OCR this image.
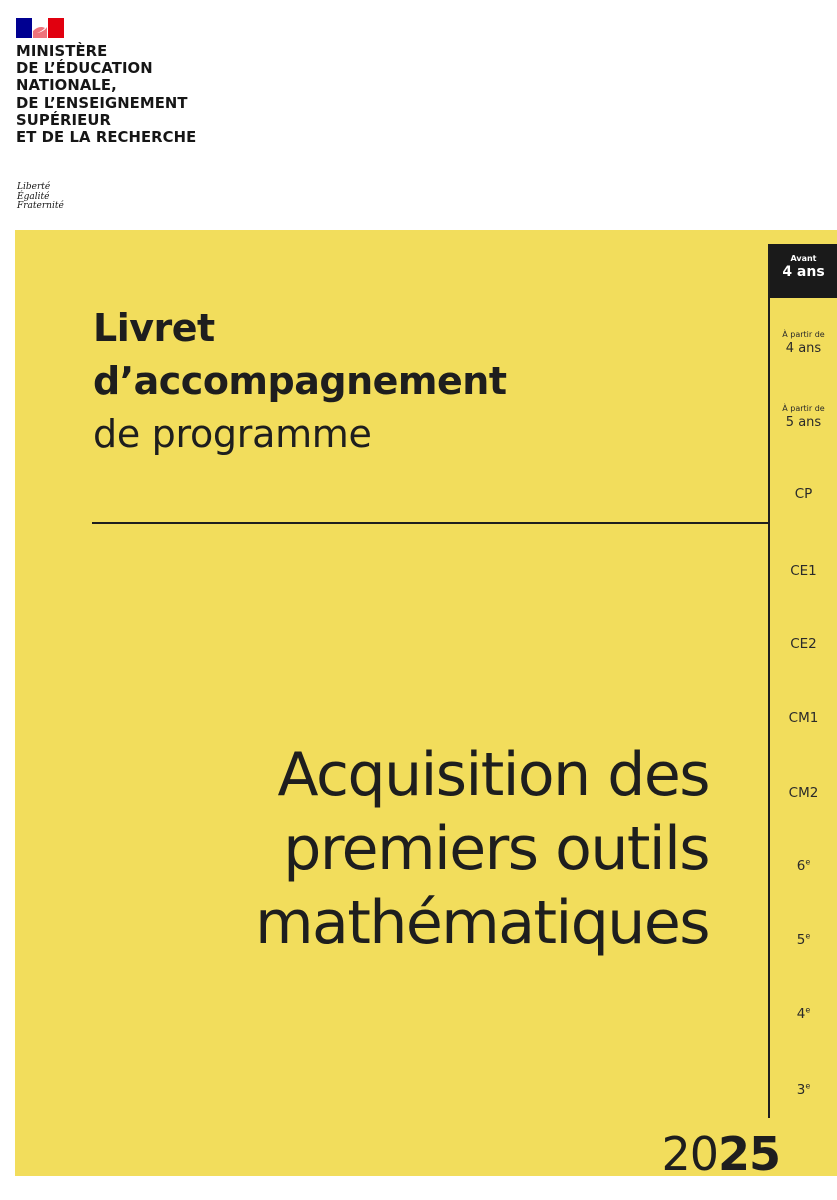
MINISTÈRE
DE L’ÉDUCATION
NATIONALE,
DE L’ENSEIGNEMENT
SUPÉRIEUR
ET DE LA RECHERCHE
Liberté
Égalité
Fraternité
Livret
d’accompagnement
de programme
Acquisition des
premiers outils
mathématiques
2025
Avant
4 ans
À partir de
4 ans
À partir de
5 ans
CP
CE1
CE2
CM1
CM2
6e
5e
4e
3e
